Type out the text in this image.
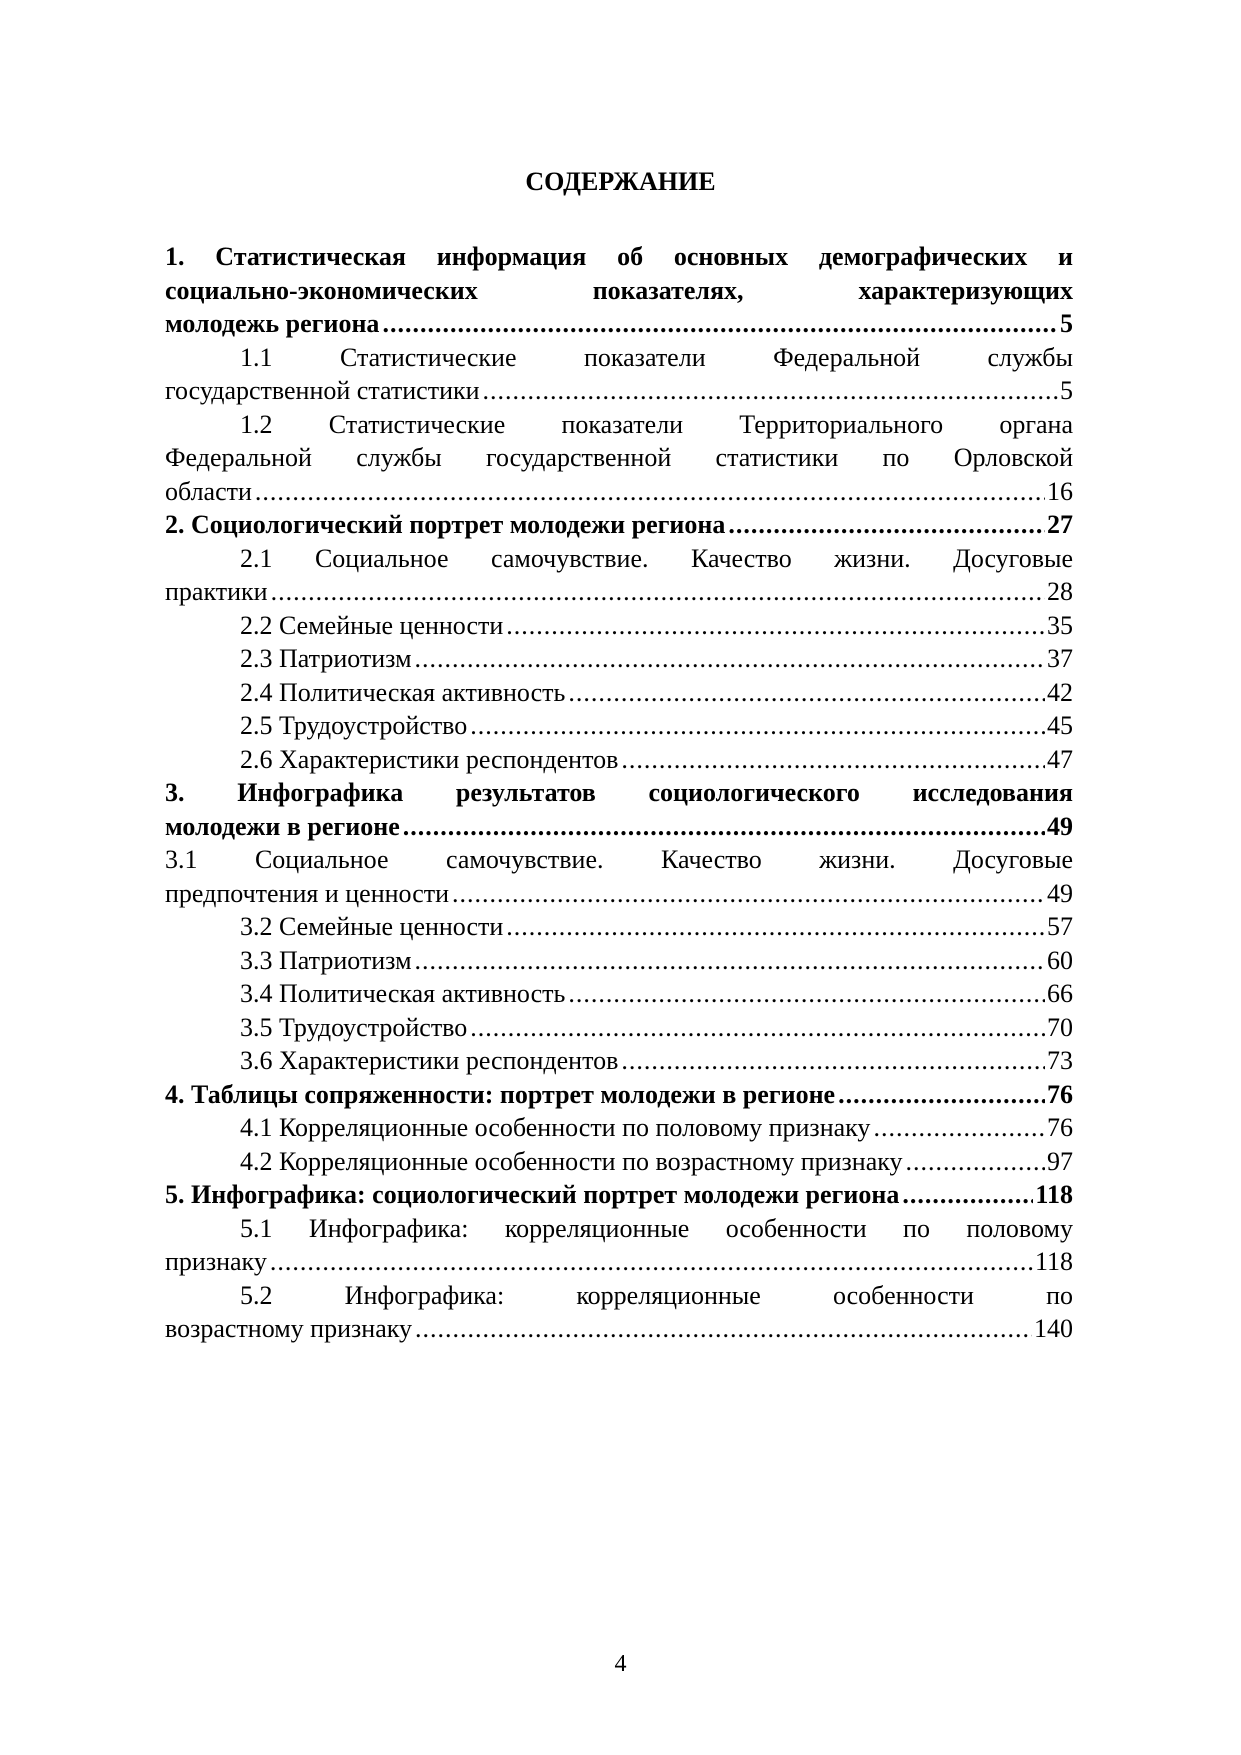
СОДЕРЖАНИЕ
1. Статистическая информация об основных демографических и
социально-экономических показателях, характеризующих
молодежь региона .....	5
1.1 Статистические показатели Федеральной службы
государственной статистики .....	5
1.2 Статистические показатели Территориального органа
Федеральной службы государственной статистики по Орловской
области .....	16
2. Социологический портрет молодежи региона .....	27
2.1 Социальное самочувствие. Качество жизни. Досуговые
практики .....	28
2.2 Семейные ценности .....	35
2.3 Патриотизм .....	37
2.4 Политическая активность .....	42
2.5 Трудоустройство .....	45
2.6 Характеристики респондентов .....	47
3. Инфографика результатов социологического исследования
молодежи в регионе .....	49
3.1 Социальное самочувствие. Качество жизни. Досуговые
предпочтения и ценности .....	49
3.2 Семейные ценности .....	57
3.3 Патриотизм .....	60
3.4 Политическая активность .....	66
3.5 Трудоустройство .....	70
3.6 Характеристики респондентов .....	73
4. Таблицы сопряженности: портрет молодежи в регионе .....	76
4.1 Корреляционные особенности по половому признаку .....	76
4.2 Корреляционные особенности по возрастному признаку .....	97
5. Инфографика: социологический портрет молодежи региона .....	118
5.1 Инфографика: корреляционные особенности по половому
признаку .....	118
5.2 Инфографика: корреляционные особенности по
возрастному признаку .....	140
4
